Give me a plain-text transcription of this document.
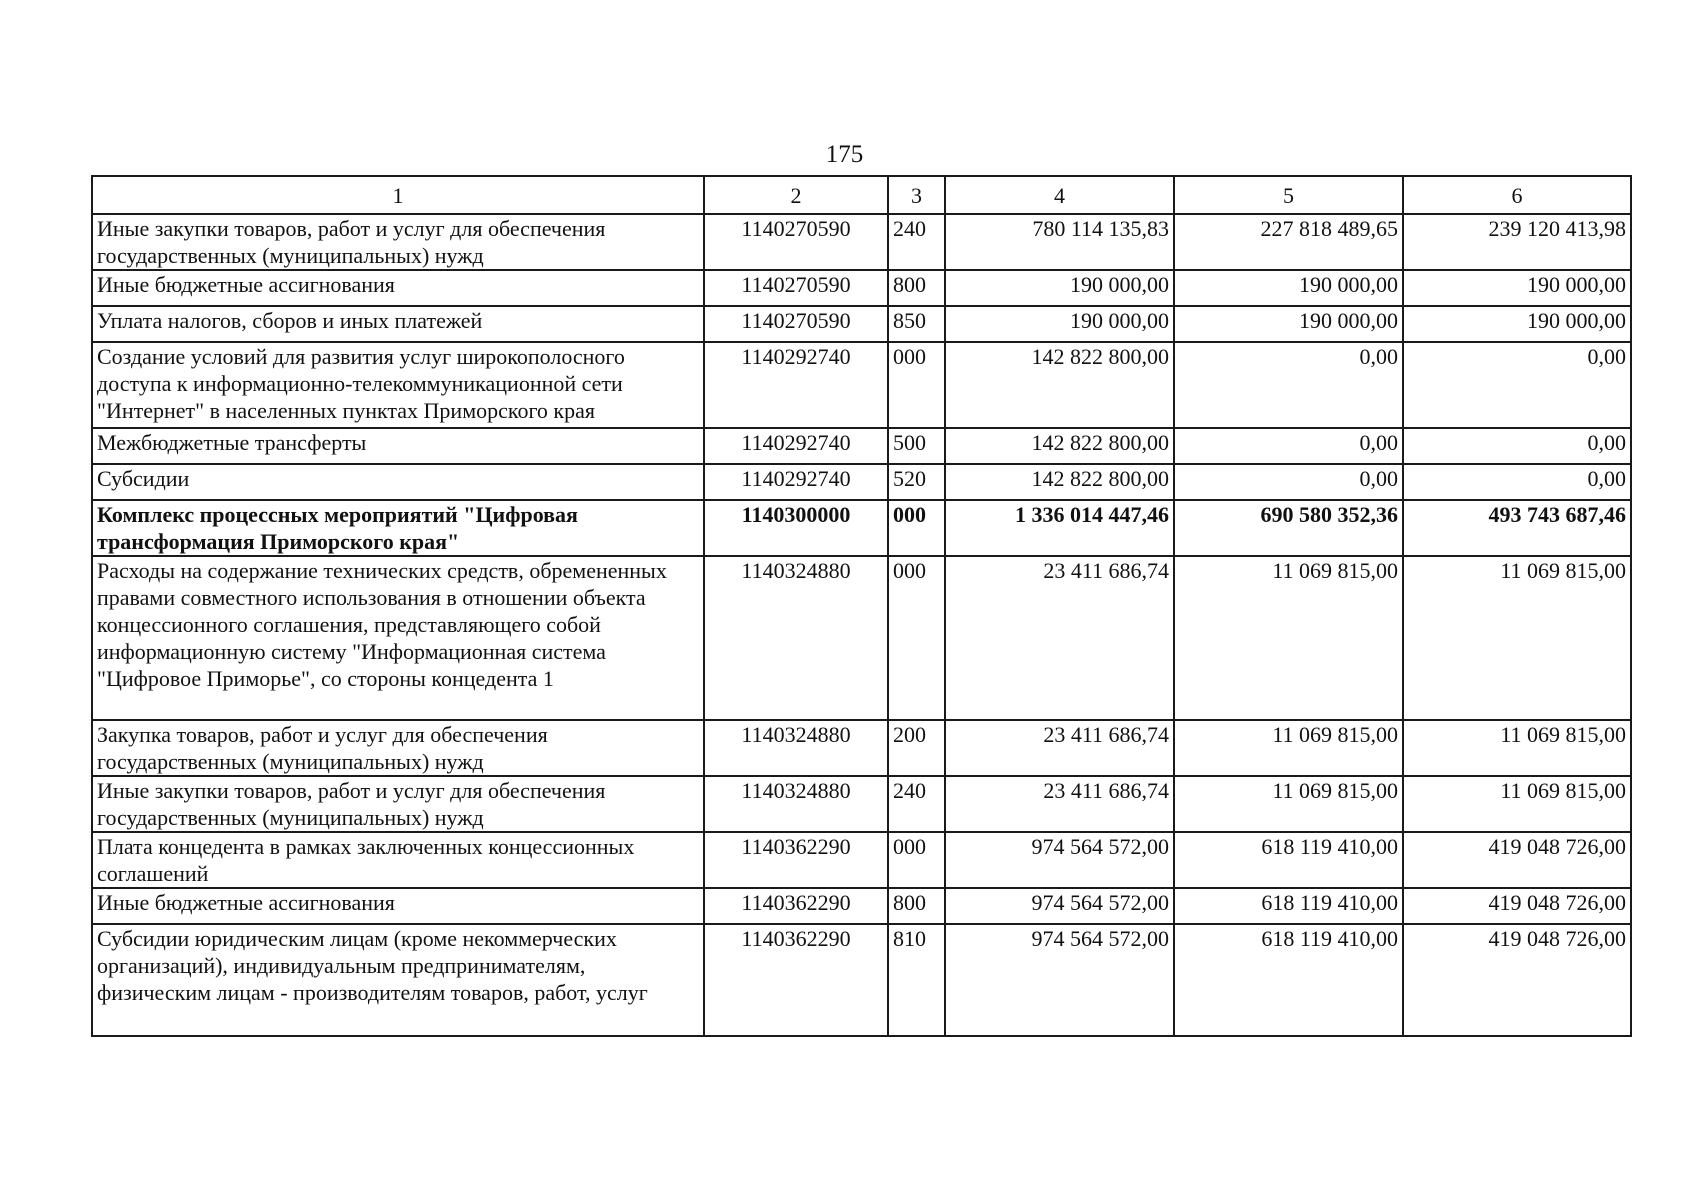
175
1	2	3	4	5	6
Иные закупки товаров, работ и услуг для обеспечения государственных (муниципальных) нужд	1140270590	240	780 114 135,83	227 818 489,65	239 120 413,98
Иные бюджетные ассигнования	1140270590	800	190 000,00	190 000,00	190 000,00
Уплата налогов, сборов и иных платежей	1140270590	850	190 000,00	190 000,00	190 000,00
Создание условий для развития услуг широкополосного доступа к информационно-телекоммуникационной сети "Интернет" в населенных пунктах Приморского края	1140292740	000	142 822 800,00	0,00	0,00
Межбюджетные трансферты	1140292740	500	142 822 800,00	0,00	0,00
Субсидии	1140292740	520	142 822 800,00	0,00	0,00
Комплекс процессных мероприятий "Цифровая трансформация Приморского края"	1140300000	000	1 336 014 447,46	690 580 352,36	493 743 687,46
Расходы на содержание технических средств, обремененных правами совместного использования в отношении объекта концессионного соглашения, представляющего собой информационную систему "Информационная система "Цифровое Приморье", со стороны концедента 1	1140324880	000	23 411 686,74	11 069 815,00	11 069 815,00
Закупка товаров, работ и услуг для обеспечения государственных (муниципальных) нужд	1140324880	200	23 411 686,74	11 069 815,00	11 069 815,00
Иные закупки товаров, работ и услуг для обеспечения государственных (муниципальных) нужд	1140324880	240	23 411 686,74	11 069 815,00	11 069 815,00
Плата концедента в рамках заключенных концессионных соглашений	1140362290	000	974 564 572,00	618 119 410,00	419 048 726,00
Иные бюджетные ассигнования	1140362290	800	974 564 572,00	618 119 410,00	419 048 726,00
Субсидии юридическим лицам (кроме некоммерческих организаций), индивидуальным предпринимателям, физическим лицам - производителям товаров, работ, услуг	1140362290	810	974 564 572,00	618 119 410,00	419 048 726,00
